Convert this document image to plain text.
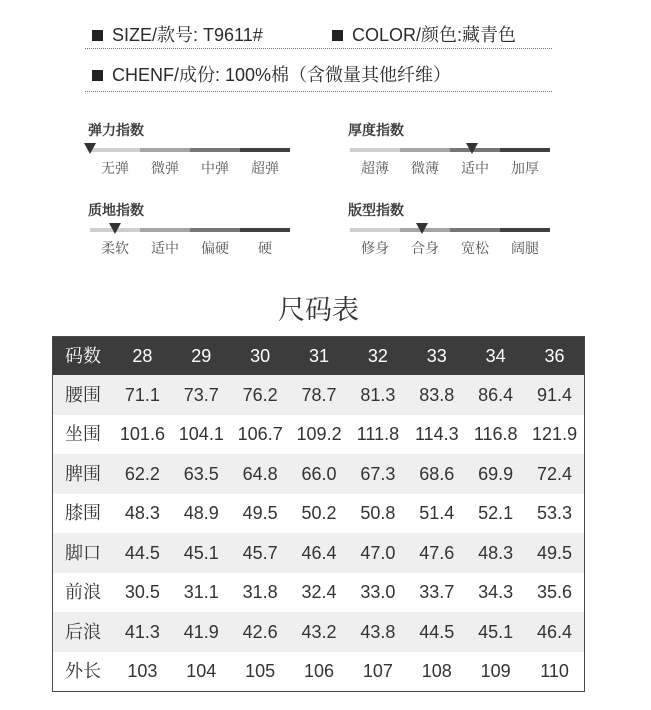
SIZE/款号: T9611#	COLOR/颜色:藏青色
CHENF/成份: 100%棉（含微量其他纤维）
弹力指数
无弹	微弹	中弹	超弹
厚度指数
超薄	微薄	适中	加厚
质地指数
柔软	适中	偏硬	硬
版型指数
修身	合身	宽松	阔腿
尺码表
码数	28	29	30	31	32	33	34	36
腰围	71.1	73.7	76.2	78.7	81.3	83.8	86.4	91.4
坐围	101.6 104.1 106.7 109.2 111.8 114.3 116.8 121.9
脾围	62.2	63.5	64.8	66.0	67.3	68.6	69.9	72.4
膝围	48.3	48.9	49.5	50.2	50.8	51.4	52.1	53.3
脚口	44.5	45.1	45.7	46.4	47.0	47.6	48.3	49.5
前浪	30.5	31.1	31.8	32.4	33.0	33.7	34.3	35.6
后浪	41.3	41.9	42.6	43.2	43.8	44.5	45.1	46.4
外长	103	104	105	106	107	108	109	110
